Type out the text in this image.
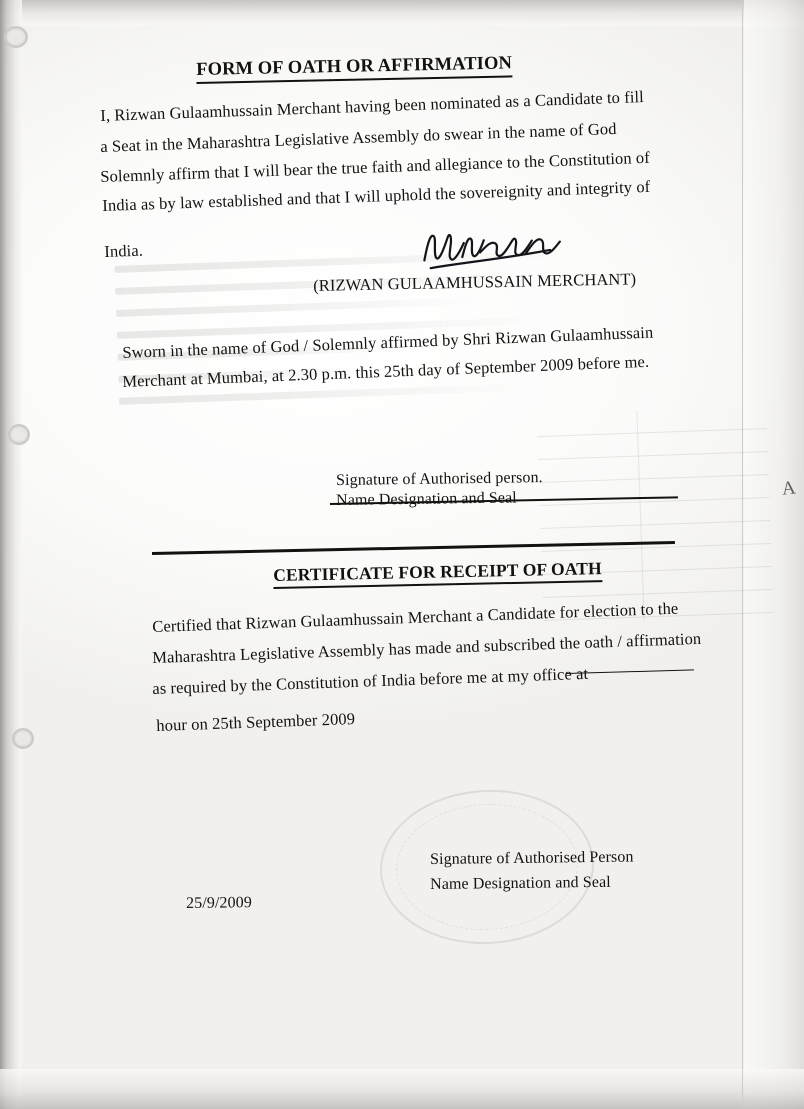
A
FORM OF OATH OR AFFIRMATION
I, Rizwan Gulaamhussain Merchant having been nominated as a Candidate to fill
a Seat in the Maharashtra Legislative Assembly do swear in the name of God
Solemnly affirm that I will bear the true faith and allegiance to the Constitution of
India as by law established and that I will uphold the sovereignity and integrity of
India.
(RIZWAN GULAAMHUSSAIN MERCHANT)
Sworn in the name of God / Solemnly affirmed by Shri Rizwan Gulaamhussain
Merchant at Mumbai, at 2.30 p.m. this 25th day of September 2009 before me.
Signature of Authorised person.
Name Designation and Seal
CERTIFICATE FOR RECEIPT OF OATH
Certified that Rizwan Gulaamhussain Merchant a Candidate for election to the
Maharashtra Legislative Assembly has made and subscribed the oath / affirmation
as required by the Constitution of India before me at my office at
hour on 25th September 2009
Signature of Authorised Person
Name Designation and Seal
25/9/2009
